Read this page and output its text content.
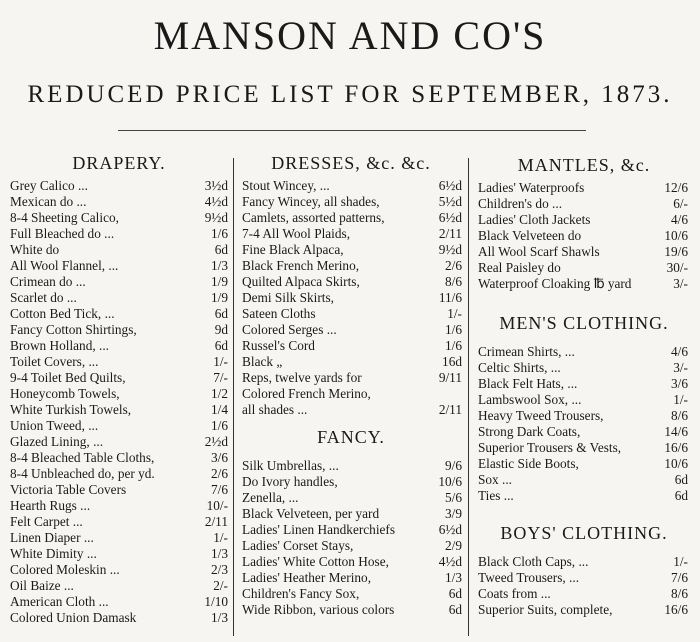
MANSON AND CO'S
REDUCED PRICE LIST FOR SEPTEMBER, 1873.
DRAPERY.
Grey Calico ...	3½d
Mexican do ...	4½d
8-4 Sheeting Calico,	9½d
Full Bleached do ...	1/6
White do	6d
All Wool Flannel, ...	1/3
Crimean do ...	1/9
Scarlet do ...	1/9
Cotton Bed Tick, ...	6d
Fancy Cotton Shirtings,	9d
Brown Holland, ...	6d
Toilet Covers, ...	1/-
9-4 Toilet Bed Quilts,	7/-
Honeycomb Towels,	1/2
White Turkish Towels,	1/4
Union Tweed, ...	1/6
Glazed Lining, ...	2½d
8-4 Bleached Table Cloths,	3/6
8-4 Unbleached do, per yd.	2/6
Victoria Table Covers	7/6
Hearth Rugs ...	10/-
Felt Carpet ...	2/11
Linen Diaper ...	1/-
White Dimity ...	1/3
Colored Moleskin ...	2/3
Oil Baize ...	2/-
American Cloth ...	1/10
Colored Union Damask	1/3
DRESSES, &c. &c.
Stout Wincey, ...	6½d
Fancy Wincey, all shades,	5½d
Camlets, assorted patterns,	6½d
7-4 All Wool Plaids,	2/11
Fine Black Alpaca,	9½d
Black French Merino,	2/6
Quilted Alpaca Skirts,	8/6
Demi Silk Skirts,	11/6
Sateen Cloths	1/-
Colored Serges ...	1/6
Russel's Cord	1/6
Black „	16d
Reps, twelve yards for	9/11
Colored French Merino,
all shades ...	2/11
FANCY.
Silk Umbrellas, ...	9/6
Do Ivory handles,	10/6
Zenella, ...	5/6
Black Velveteen, per yard	3/9
Ladies' Linen Handkerchiefs	6½d
Ladies' Corset Stays,	2/9
Ladies' White Cotton Hose,	4½d
Ladies' Heather Merino,	1/3
Children's Fancy Sox,	6d
Wide Ribbon, various colors	6d
MANTLES, &c.
Ladies' Waterproofs	12/6
Children's do ...	6/-
Ladies' Cloth Jackets	4/6
Black Velveteen do	10/6
All Wool Scarf Shawls	19/6
Real Paisley do	30/-
Waterproof Cloaking ℔ yard	3/-
MEN'S CLOTHING.
Crimean Shirts, ...	4/6
Celtic Shirts, ...	3/-
Black Felt Hats, ...	3/6
Lambswool Sox, ...	1/-
Heavy Tweed Trousers,	8/6
Strong Dark Coats,	14/6
Superior Trousers & Vests,	16/6
Elastic Side Boots,	10/6
Sox ...	6d
Ties ...	6d
BOYS' CLOTHING.
Black Cloth Caps, ...	1/-
Tweed Trousers, ...	7/6
Coats from ...	8/6
Superior Suits, complete,	16/6
